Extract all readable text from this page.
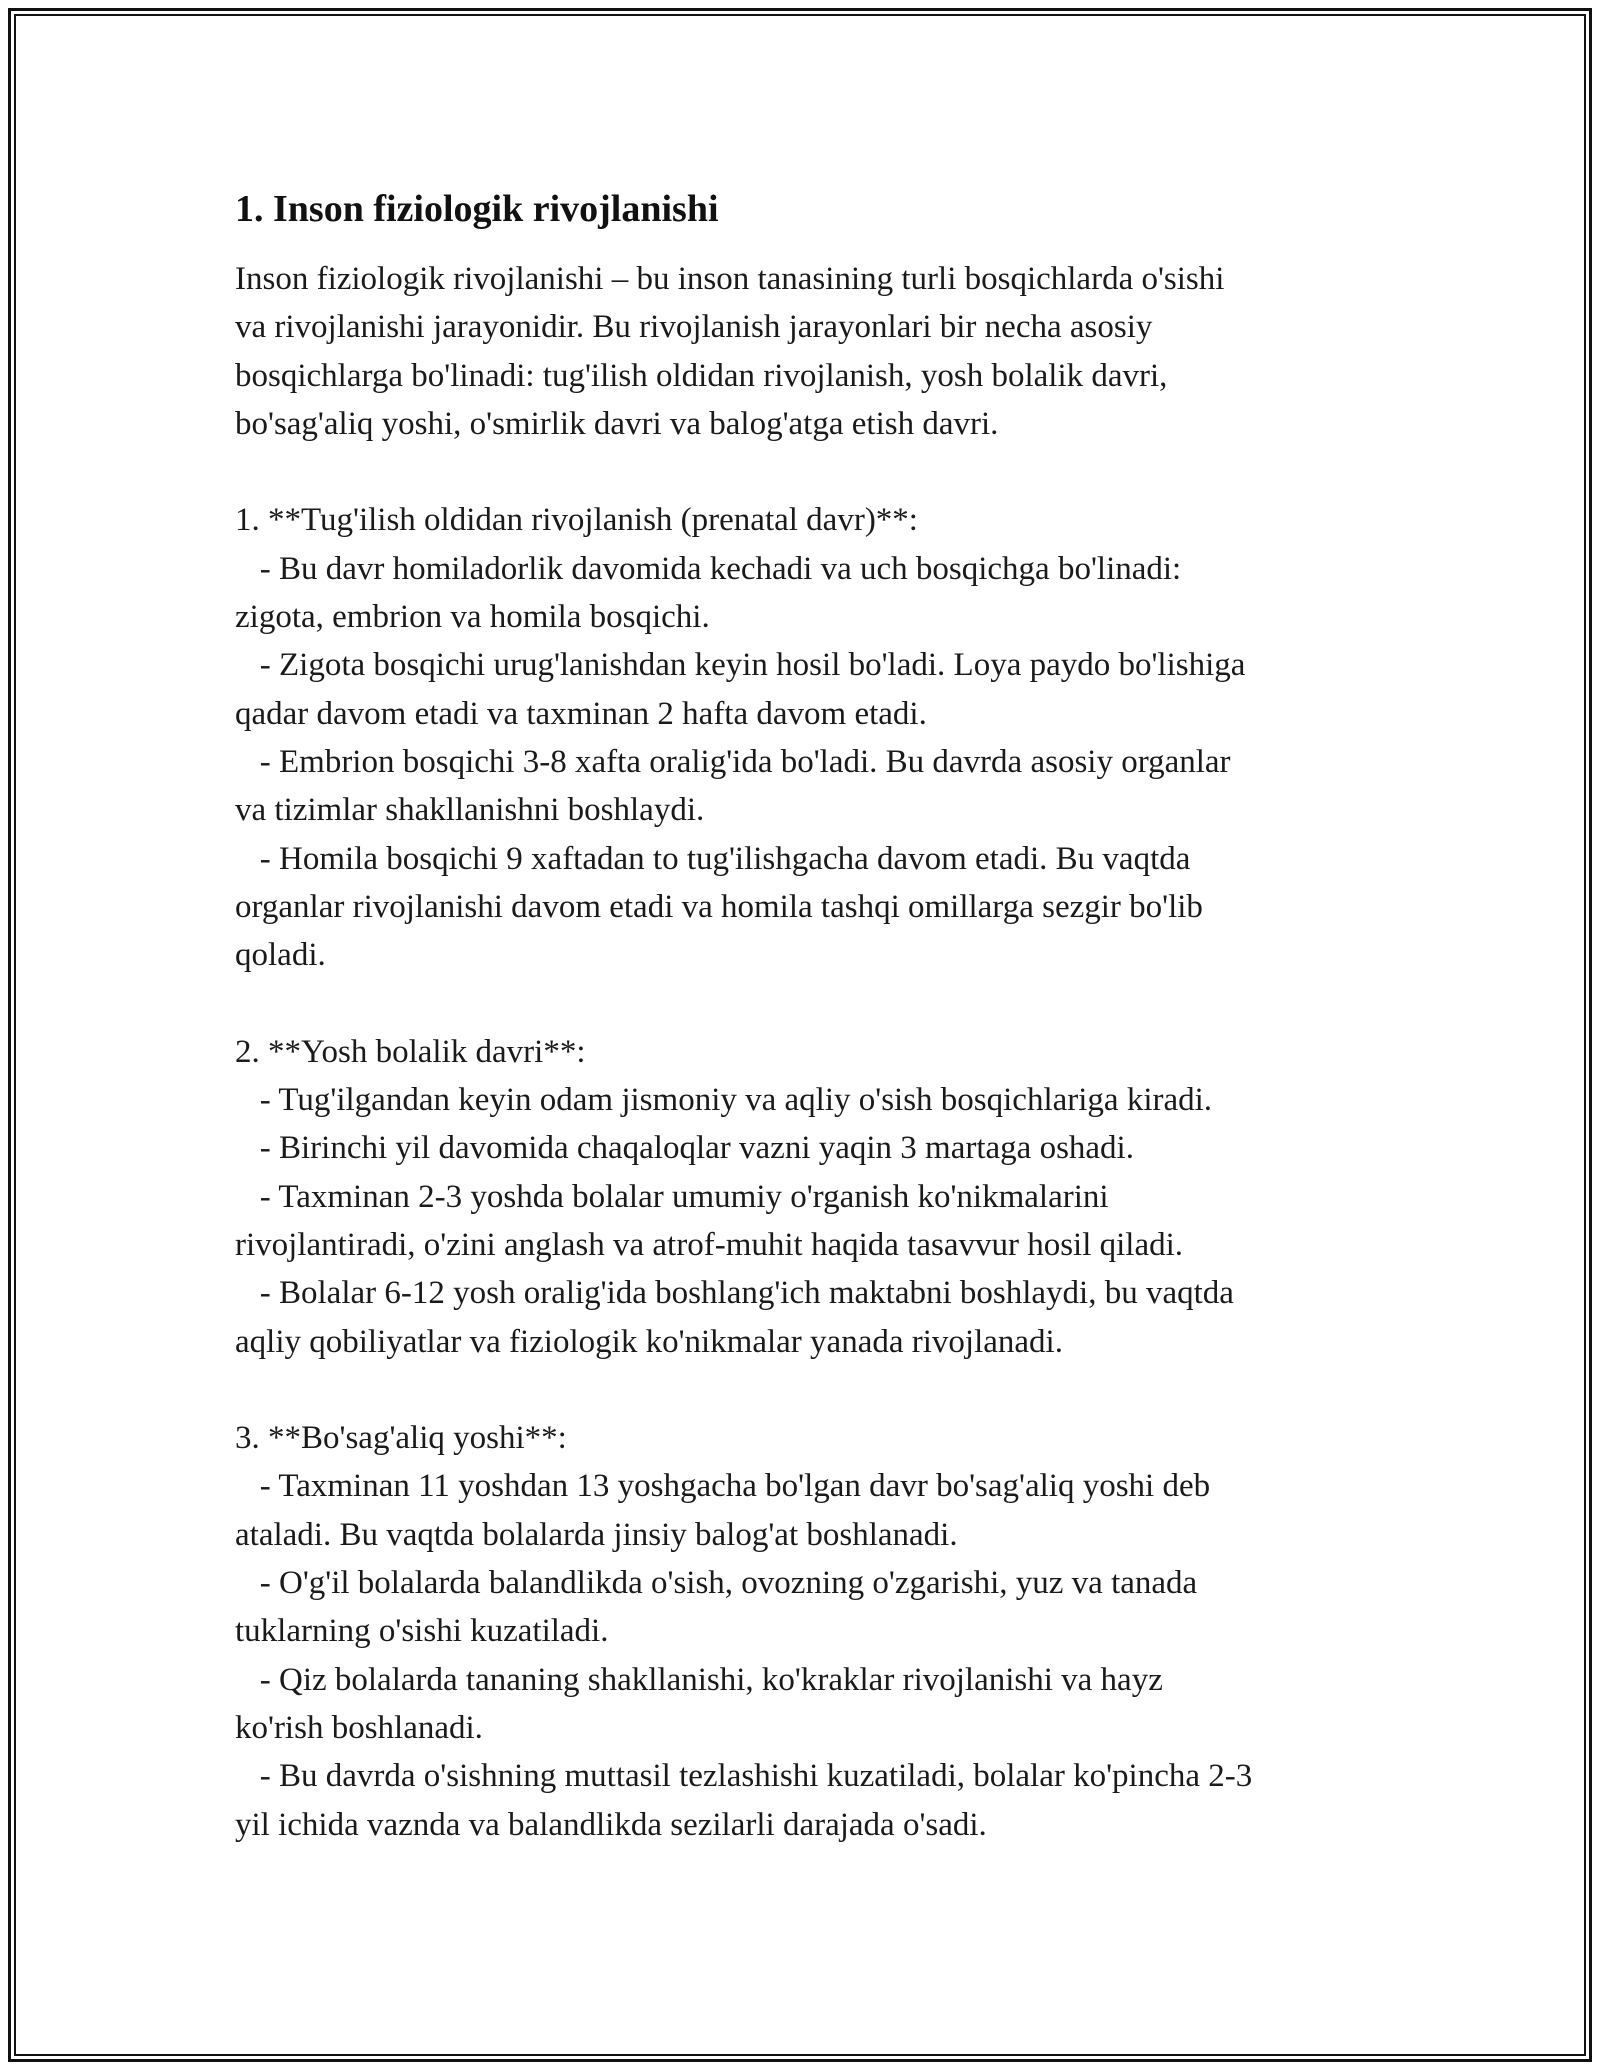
1. Inson fiziologik rivojlanishi
Inson fiziologik rivojlanishi – bu inson tanasining turli bosqichlarda o'sishi
va rivojlanishi jarayonidir. Bu rivojlanish jarayonlari bir necha asosiy
bosqichlarga bo'linadi: tug'ilish oldidan rivojlanish, yosh bolalik davri,
bo'sag'aliq yoshi, o'smirlik davri va balog'atga etish davri.
1. **Tug'ilish oldidan rivojlanish (prenatal davr)**:
- Bu davr homiladorlik davomida kechadi va uch bosqichga bo'linadi:
zigota, embrion va homila bosqichi.
- Zigota bosqichi urug'lanishdan keyin hosil bo'ladi. Loya paydo bo'lishiga
qadar davom etadi va taxminan 2 hafta davom etadi.
- Embrion bosqichi 3-8 xafta oralig'ida bo'ladi. Bu davrda asosiy organlar
va tizimlar shakllanishni boshlaydi.
- Homila bosqichi 9 xaftadan to tug'ilishgacha davom etadi. Bu vaqtda
organlar rivojlanishi davom etadi va homila tashqi omillarga sezgir bo'lib
qoladi.
2. **Yosh bolalik davri**:
- Tug'ilgandan keyin odam jismoniy va aqliy o'sish bosqichlariga kiradi.
- Birinchi yil davomida chaqaloqlar vazni yaqin 3 martaga oshadi.
- Taxminan 2-3 yoshda bolalar umumiy o'rganish ko'nikmalarini
rivojlantiradi, o'zini anglash va atrof-muhit haqida tasavvur hosil qiladi.
- Bolalar 6-12 yosh oralig'ida boshlang'ich maktabni boshlaydi, bu vaqtda
aqliy qobiliyatlar va fiziologik ko'nikmalar yanada rivojlanadi.
3. **Bo'sag'aliq yoshi**:
- Taxminan 11 yoshdan 13 yoshgacha bo'lgan davr bo'sag'aliq yoshi deb
ataladi. Bu vaqtda bolalarda jinsiy balog'at boshlanadi.
- O'g'il bolalarda balandlikda o'sish, ovozning o'zgarishi, yuz va tanada
tuklarning o'sishi kuzatiladi.
- Qiz bolalarda tananing shakllanishi, ko'kraklar rivojlanishi va hayz
ko'rish boshlanadi.
- Bu davrda o'sishning muttasil tezlashishi kuzatiladi, bolalar ko'pincha 2-3
yil ichida vaznda va balandlikda sezilarli darajada o'sadi.
